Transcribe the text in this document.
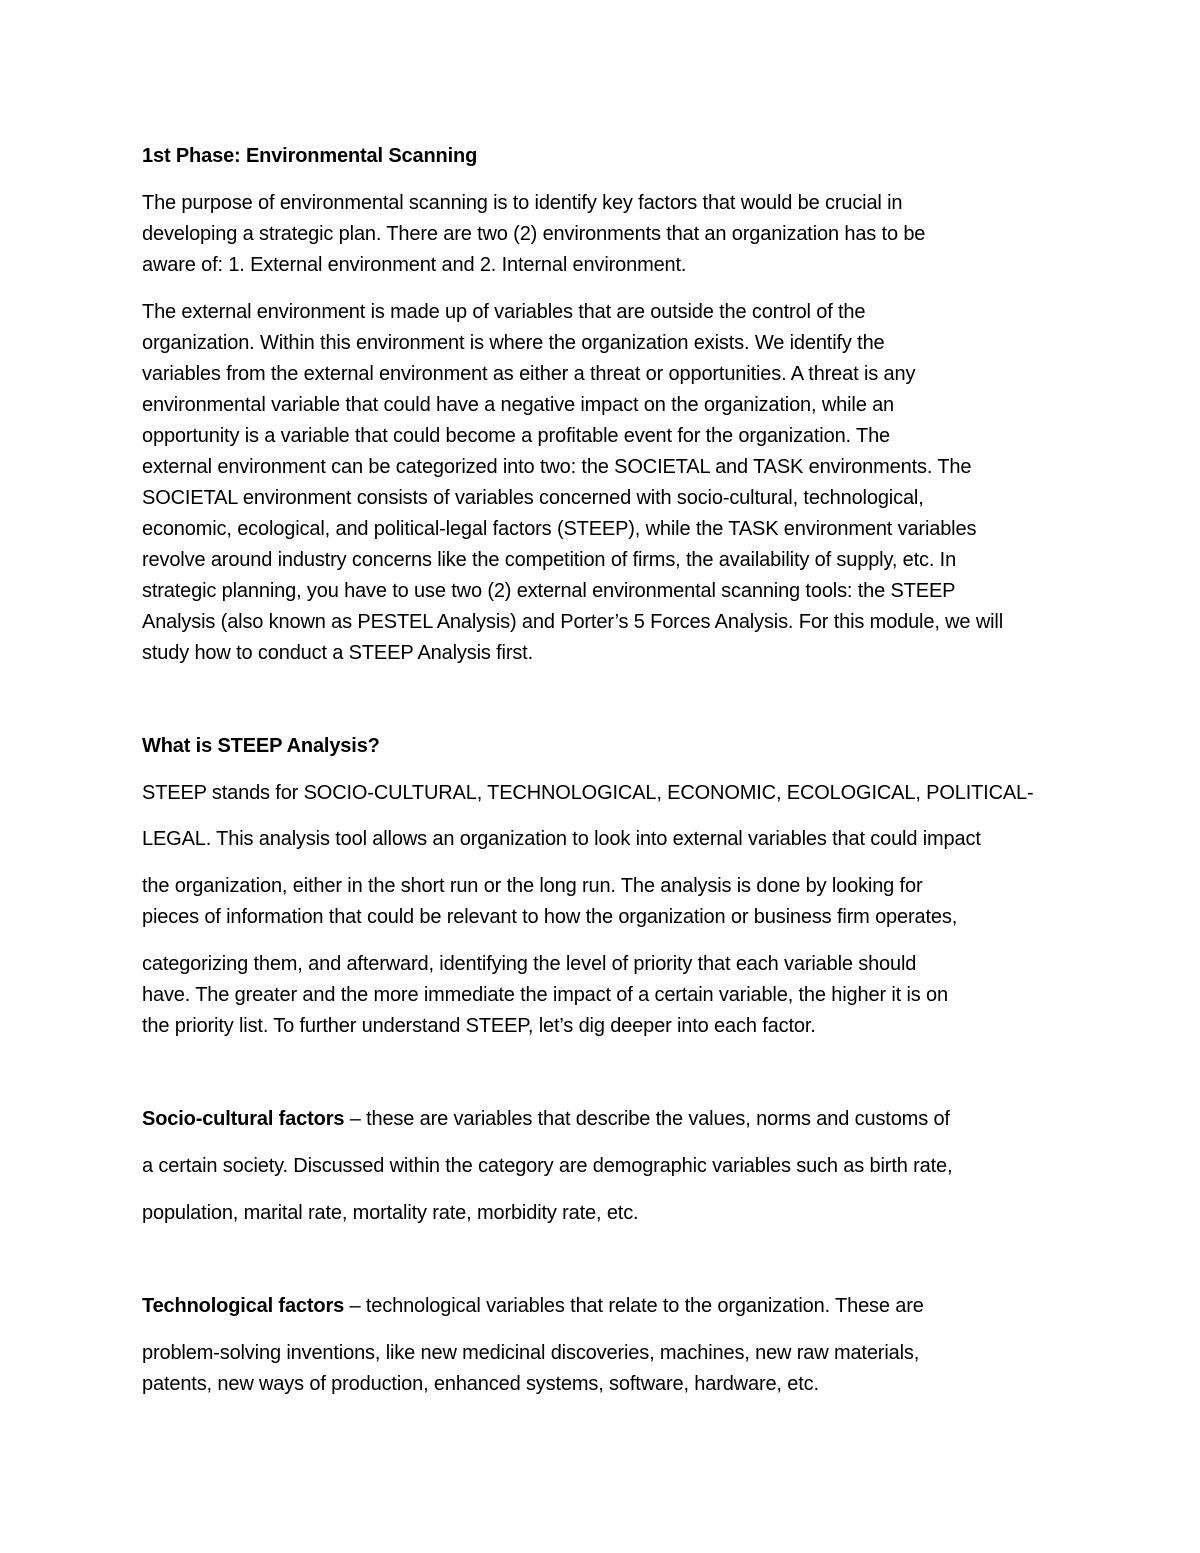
1st Phase: Environmental Scanning
The purpose of environmental scanning is to identify key factors that would be crucial in
developing a strategic plan. There are two (2) environments that an organization has to be
aware of: 1. External environment and 2. Internal environment.
The external environment is made up of variables that are outside the control of the
organization. Within this environment is where the organization exists. We identify the
variables from the external environment as either a threat or opportunities. A threat is any
environmental variable that could have a negative impact on the organization, while an
opportunity is a variable that could become a profitable event for the organization. The
external environment can be categorized into two: the SOCIETAL and TASK environments. The
SOCIETAL environment consists of variables concerned with socio-cultural, technological,
economic, ecological, and political-legal factors (STEEP), while the TASK environment variables
revolve around industry concerns like the competition of firms, the availability of supply, etc. In
strategic planning, you have to use two (2) external environmental scanning tools: the STEEP
Analysis (also known as PESTEL Analysis) and Porter’s 5 Forces Analysis. For this module, we will
study how to conduct a STEEP Analysis first.
What is STEEP Analysis?
STEEP stands for SOCIO-CULTURAL, TECHNOLOGICAL, ECONOMIC, ECOLOGICAL, POLITICAL-
LEGAL. This analysis tool allows an organization to look into external variables that could impact
the organization, either in the short run or the long run. The analysis is done by looking for
pieces of information that could be relevant to how the organization or business firm operates,
categorizing them, and afterward, identifying the level of priority that each variable should
have. The greater and the more immediate the impact of a certain variable, the higher it is on
the priority list. To further understand STEEP, let’s dig deeper into each factor.
Socio-cultural factors – these are variables that describe the values, norms and customs of
a certain society. Discussed within the category are demographic variables such as birth rate,
population, marital rate, mortality rate, morbidity rate, etc.
Technological factors – technological variables that relate to the organization. These are
problem-solving inventions, like new medicinal discoveries, machines, new raw materials,
patents, new ways of production, enhanced systems, software, hardware, etc.
